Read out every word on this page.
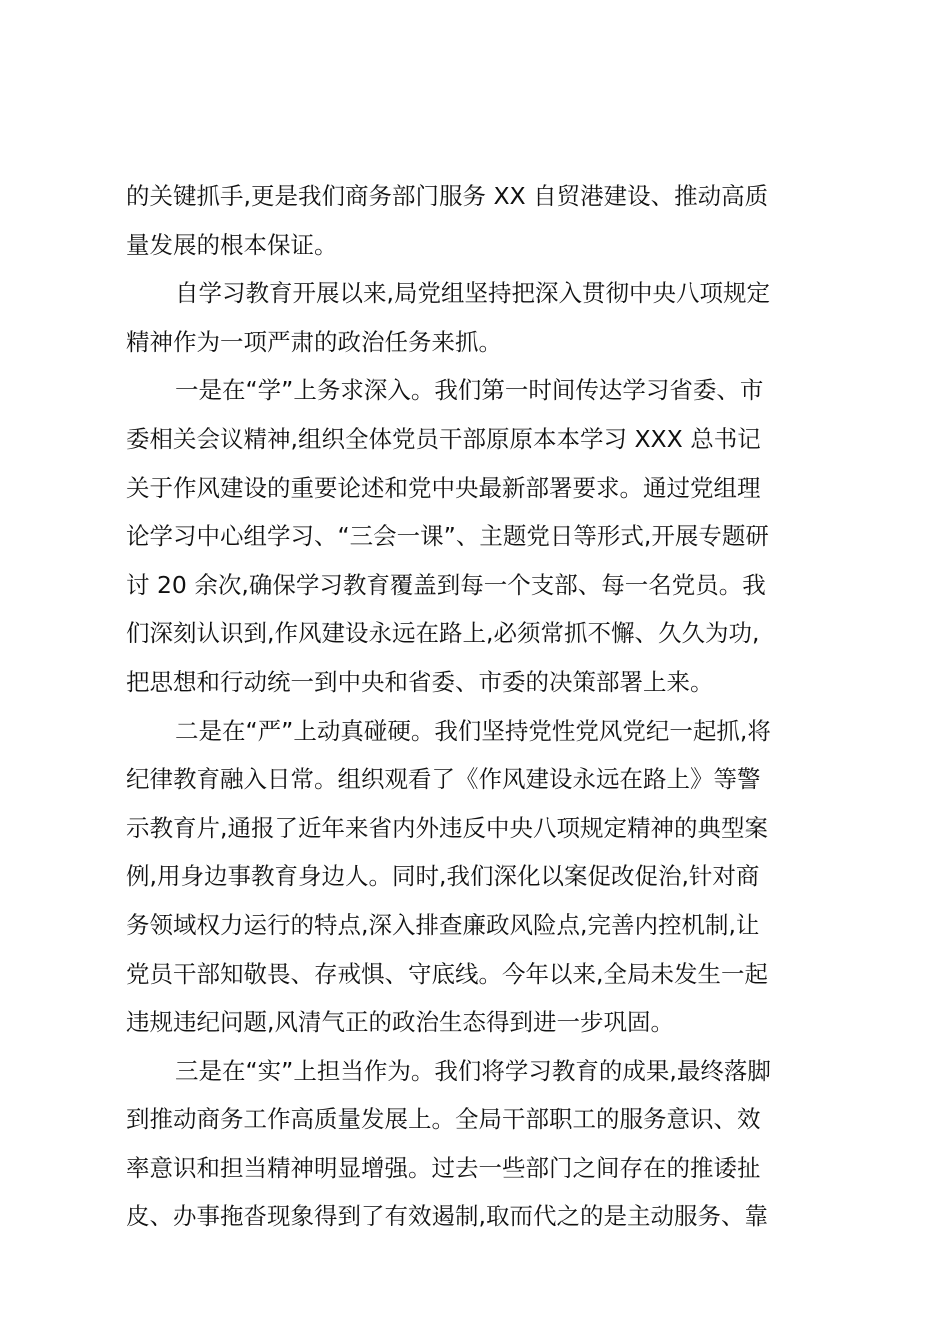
的关键抓手,更是我们商务部门服务 XX 自贸港建设、推动高质
量发展的根本保证。
自学习教育开展以来,局党组坚持把深入贯彻中央八项规定
精神作为一项严肃的政治任务来抓。
一是在“学”上务求深入。我们第一时间传达学习省委、市
委相关会议精神,组织全体党员干部原原本本学习 XXX 总书记
关于作风建设的重要论述和党中央最新部署要求。通过党组理
论学习中心组学习、“三会一课”、主题党日等形式,开展专题研
讨 20 余次,确保学习教育覆盖到每一个支部、每一名党员。我
们深刻认识到,作风建设永远在路上,必须常抓不懈、久久为功,
把思想和行动统一到中央和省委、市委的决策部署上来。
二是在“严”上动真碰硬。我们坚持党性党风党纪一起抓,将
纪律教育融入日常。组织观看了《作风建设永远在路上》等警
示教育片,通报了近年来省内外违反中央八项规定精神的典型案
例,用身边事教育身边人。同时,我们深化以案促改促治,针对商
务领域权力运行的特点,深入排查廉政风险点,完善内控机制,让
党员干部知敬畏、存戒惧、守底线。今年以来,全局未发生一起
违规违纪问题,风清气正的政治生态得到进一步巩固。
三是在“实”上担当作为。我们将学习教育的成果,最终落脚
到推动商务工作高质量发展上。全局干部职工的服务意识、效
率意识和担当精神明显增强。过去一些部门之间存在的推诿扯
皮、办事拖沓现象得到了有效遏制,取而代之的是主动服务、靠
